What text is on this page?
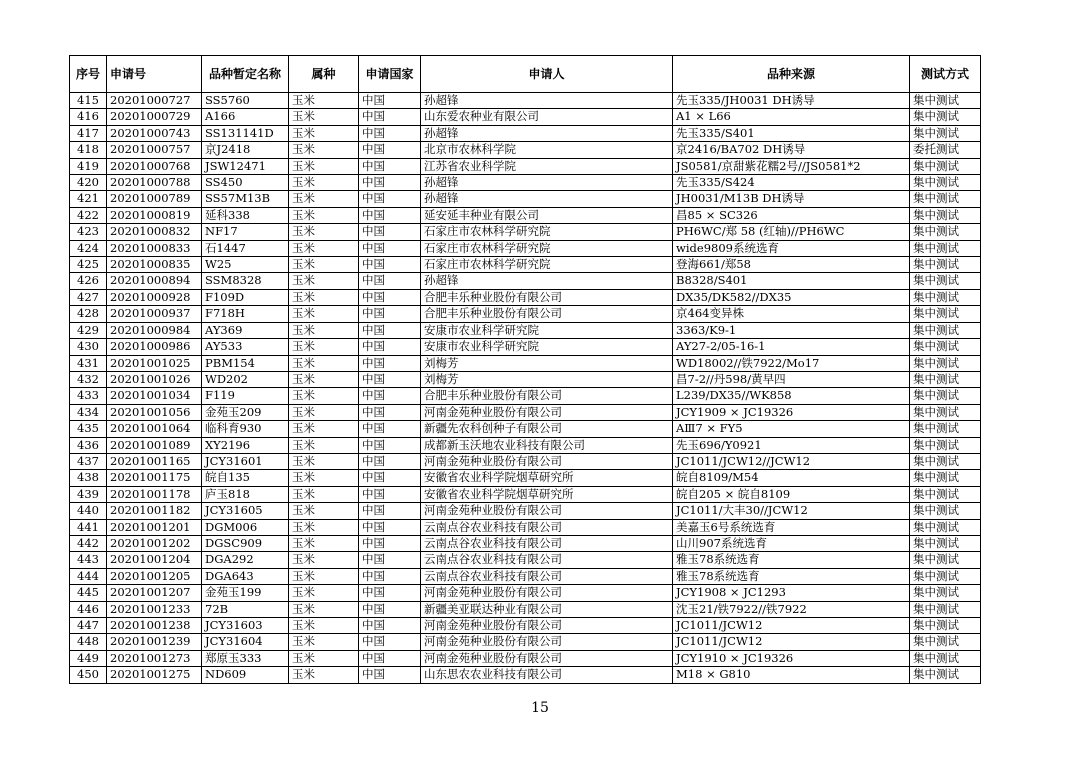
序号	申请号	品种暂定名称	属种	申请国家	申请人	品种来源	测试方式
415	20201000727	SS5760	玉米	中国	孙超锋	先玉335/JH0031 DH诱导	集中测试
416	20201000729	A166	玉米	中国	山东爱农种业有限公司	A1 × L66	集中测试
417	20201000743	SS131141D	玉米	中国	孙超锋	先玉335/S401	集中测试
418	20201000757	京J2418	玉米	中国	北京市农林科学院	京2416/BA702 DH诱导	委托测试
419	20201000768	JSW12471	玉米	中国	江苏省农业科学院	JS0581/京甜紫花糯2号//JS0581*2	集中测试
420	20201000788	SS450	玉米	中国	孙超锋	先玉335/S424	集中测试
421	20201000789	SS57M13B	玉米	中国	孙超锋	JH0031/M13B DH诱导	集中测试
422	20201000819	延科338	玉米	中国	延安延丰种业有限公司	昌85 × SC326	集中测试
423	20201000832	NF17	玉米	中国	石家庄市农林科学研究院	PH6WC/郑 58 (红轴)//PH6WC	集中测试
424	20201000833	石1447	玉米	中国	石家庄市农林科学研究院	wide9809系统选育	集中测试
425	20201000835	W25	玉米	中国	石家庄市农林科学研究院	登海661/郑58	集中测试
426	20201000894	SSM8328	玉米	中国	孙超锋	B8328/S401	集中测试
427	20201000928	F109D	玉米	中国	合肥丰乐种业股份有限公司	DX35/DK582//DX35	集中测试
428	20201000937	F718H	玉米	中国	合肥丰乐种业股份有限公司	京464变异株	集中测试
429	20201000984	AY369	玉米	中国	安康市农业科学研究院	3363/K9-1	集中测试
430	20201000986	AY533	玉米	中国	安康市农业科学研究院	AY27-2/05-16-1	集中测试
431	20201001025	PBM154	玉米	中国	刘梅芳	WD18002//铁7922/Mo17	集中测试
432	20201001026	WD202	玉米	中国	刘梅芳	昌7-2//丹598/黄早四	集中测试
433	20201001034	F119	玉米	中国	合肥丰乐种业股份有限公司	L239/DX35//WK858	集中测试
434	20201001056	金苑玉209	玉米	中国	河南金苑种业股份有限公司	JCY1909 × JC19326	集中测试
435	20201001064	临科育930	玉米	中国	新疆先农科创种子有限公司	AⅢ7 × FY5	集中测试
436	20201001089	XY2196	玉米	中国	成都新玉沃地农业科技有限公司	先玉696/Y0921	集中测试
437	20201001165	JCY31601	玉米	中国	河南金苑种业股份有限公司	JC1011/JCW12//JCW12	集中测试
438	20201001175	皖自135	玉米	中国	安徽省农业科学院烟草研究所	皖自8109/M54	集中测试
439	20201001178	庐玉818	玉米	中国	安徽省农业科学院烟草研究所	皖自205 × 皖自8109	集中测试
440	20201001182	JCY31605	玉米	中国	河南金苑种业股份有限公司	JC1011/大丰30//JCW12	集中测试
441	20201001201	DGM006	玉米	中国	云南点谷农业科技有限公司	美嘉玉6号系统选育	集中测试
442	20201001202	DGSC909	玉米	中国	云南点谷农业科技有限公司	山川907系统选育	集中测试
443	20201001204	DGA292	玉米	中国	云南点谷农业科技有限公司	雅玉78系统选育	集中测试
444	20201001205	DGA643	玉米	中国	云南点谷农业科技有限公司	雅玉78系统选育	集中测试
445	20201001207	金苑玉199	玉米	中国	河南金苑种业股份有限公司	JCY1908 × JC1293	集中测试
446	20201001233	72B	玉米	中国	新疆美亚联达种业有限公司	沈玉21/铁7922//铁7922	集中测试
447	20201001238	JCY31603	玉米	中国	河南金苑种业股份有限公司	JC1011/JCW12	集中测试
448	20201001239	JCY31604	玉米	中国	河南金苑种业股份有限公司	JC1011/JCW12	集中测试
449	20201001273	郑原玉333	玉米	中国	河南金苑种业股份有限公司	JCY1910 × JC19326	集中测试
450	20201001275	ND609	玉米	中国	山东思农农业科技有限公司	M18 × G810	集中测试
15
